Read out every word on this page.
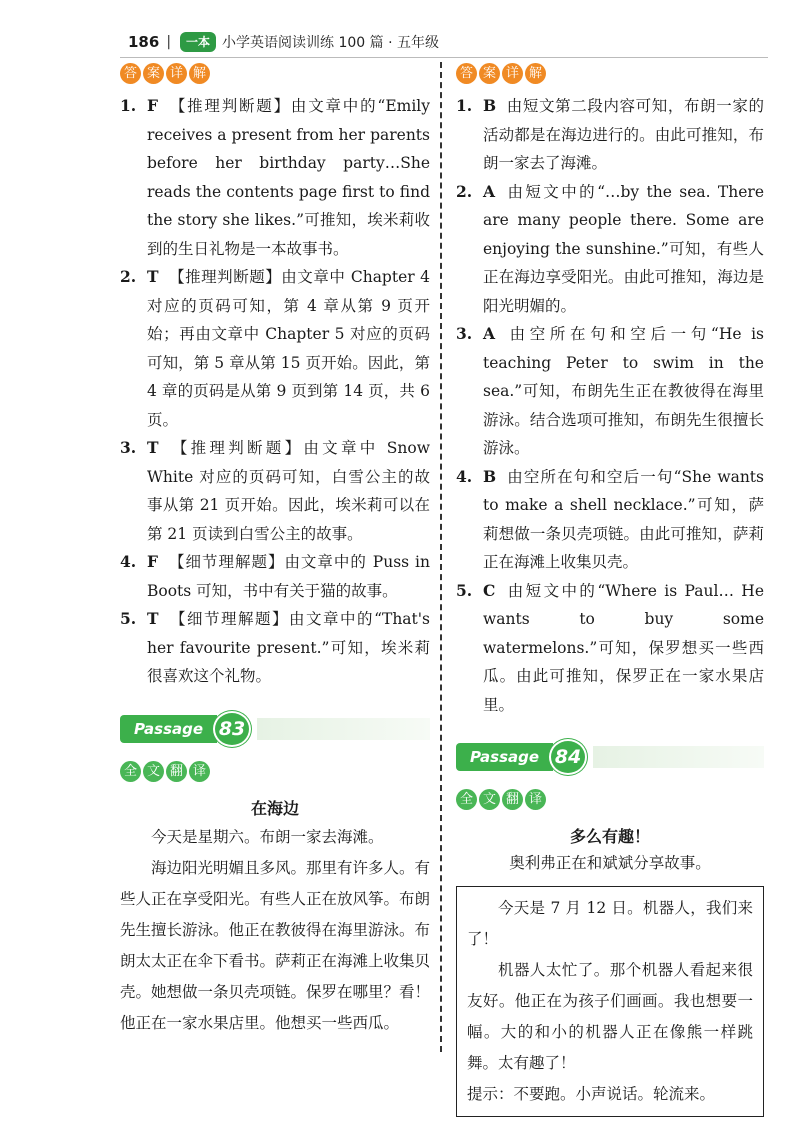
186 |	一本 小学英语阅读训练 100 篇 · 五年级
答 案 详 解
1. F 【推理判断题】由文章中的“Emily receives a present from her parents before her birthday party…She reads the contents page first to find the story she likes.”可推知，埃米莉收到的生日礼物是一本故事书。
2. T 【推理判断题】由文章中 Chapter 4 对应的页码可知，第 4 章从第 9 页开始；再由文章中 Chapter 5 对应的页码可知，第 5 章从第 15 页开始。因此，第 4 章的页码是从第 9 页到第 14 页，共 6 页。
3. T 【推理判断题】由文章中 Snow White 对应的页码可知，白雪公主的故事从第 21 页开始。因此，埃米莉可以在第 21 页读到白雪公主的故事。
4. F 【细节理解题】由文章中的 Puss in Boots 可知，书中有关于猫的故事。
5. T 【细节理解题】由文章中的“That's her favourite present.”可知，埃米莉很喜欢这个礼物。
Passage 83
全 文 翻 译
在海边

今天是星期六。布朗一家去海滩。

海边阳光明媚且多风。那里有许多人。有些人正在享受阳光。有些人正在放风筝。布朗先生擅长游泳。他正在教彼得在海里游泳。布朗太太正在伞下看书。萨莉正在海滩上收集贝壳。她想做一条贝壳项链。保罗在哪里？看！他正在一家水果店里。他想买一些西瓜。

答 案 详 解
1. B 由短文第二段内容可知，布朗一家的活动都是在海边进行的。由此可推知，布朗一家去了海滩。
2. A 由短文中的“…by the sea. There are many people there. Some are enjoying the sunshine.”可知，有些人正在海边享受阳光。由此可推知，海边是阳光明媚的。
3. A 由空所在句和空后一句“He is teaching Peter to swim in the sea.”可知，布朗先生正在教彼得在海里游泳。结合选项可推知，布朗先生很擅长游泳。
4. B 由空所在句和空后一句“She wants to make a shell necklace.”可知，萨莉想做一条贝壳项链。由此可推知，萨莉正在海滩上收集贝壳。
5. C 由短文中的“Where is Paul… He wants to buy some watermelons.”可知，保罗想买一些西瓜。由此可推知，保罗正在一家水果店里。
Passage 84
全 文 翻 译
多么有趣！
奥利弗正在和斌斌分享故事。

今天是 7 月 12 日。机器人，我们来了！

机器人太忙了。那个机器人看起来很友好。他正在为孩子们画画。我也想要一幅。大的和小的机器人正在像熊一样跳舞。太有趣了！

提示：不要跑。小声说话。轮流来。
